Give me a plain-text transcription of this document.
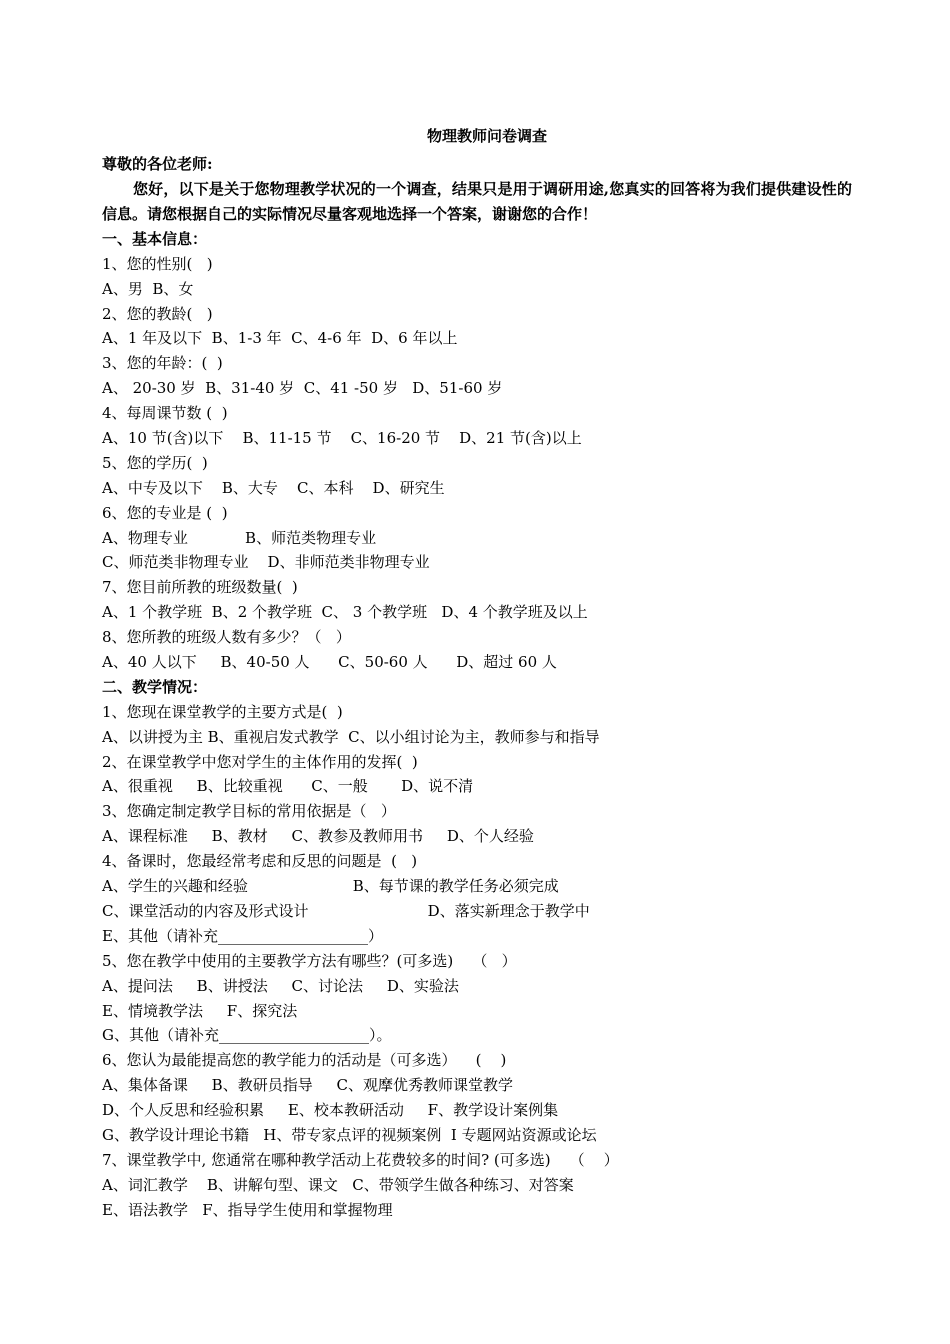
物理教师问卷调查
尊敬的各位老师:

您好，以下是关于您物理教学状况的一个调查，结果只是用于调研用途,您真实的回答将为我们提供建设性的信息。请您根据自己的实际情况尽量客观地选择一个答案，谢谢您的合作！

一、基本信息：
1、您的性别(   )
A、男  B、女
2、您的教龄(   )
A、1 年及以下  B、1-3 年  C、4-6 年  D、6 年以上
3、您的年龄：(  )
A、 20-30 岁  B、31-40 岁  C、41 -50 岁   D、51-60 岁
4、每周课节数 (  )
A、10 节(含)以下    B、11-15 节    C、16-20 节    D、21 节(含)以上
5、您的学历(  )
A、中专及以下    B、大专    C、本科    D、研究生
6、您的专业是 (  )
A、物理专业            B、师范类物理专业
C、师范类非物理专业    D、非师范类非物理专业
7、您目前所教的班级数量(  )
A、1 个教学班  B、2 个教学班  C、 3 个教学班   D、4 个教学班及以上
8、您所教的班级人数有多少？（   ）
A、40 人以下     B、40-50 人      C、50-60 人      D、超过 60 人
二、教学情况：
1、您现在课堂教学的主要方式是(  )
A、以讲授为主 B、重视启发式教学  C、以小组讨论为主，教师参与和指导
2、在课堂教学中您对学生的主体作用的发挥(  )
A、很重视     B、比较重视      C、一般       D、说不清
3、您确定制定教学目标的常用依据是（   ）
A、课程标准     B、教材     C、教参及教师用书     D、个人经验
4、备课时，您最经常考虑和反思的问题是  (   )
A、学生的兴趣和经验                      B、每节课的教学任务必须完成
C、课堂活动的内容及形式设计                         D、落实新理念于教学中
E、其他（请补充____________________）
5、您在教学中使用的主要教学方法有哪些？(可多选)    （   ）
A、提问法     B、讲授法     C、讨论法     D、实验法
E、情境教学法     F、探究法
G、其他（请补充____________________）。
6、您认为最能提高您的教学能力的活动是（可多选）    (    )
A、集体备课     B、教研员指导     C、观摩优秀教师课堂教学
D、个人反思和经验积累     E、校本教研活动     F、教学设计案例集
G、教学设计理论书籍   H、带专家点评的视频案例  I 专题网站资源或论坛
7、课堂教学中, 您通常在哪种教学活动上花费较多的时间? (可多选)    （    ）
A、词汇教学    B、讲解句型、课文   C、带领学生做各种练习、对答案
E、语法教学   F、指导学生使用和掌握物理
